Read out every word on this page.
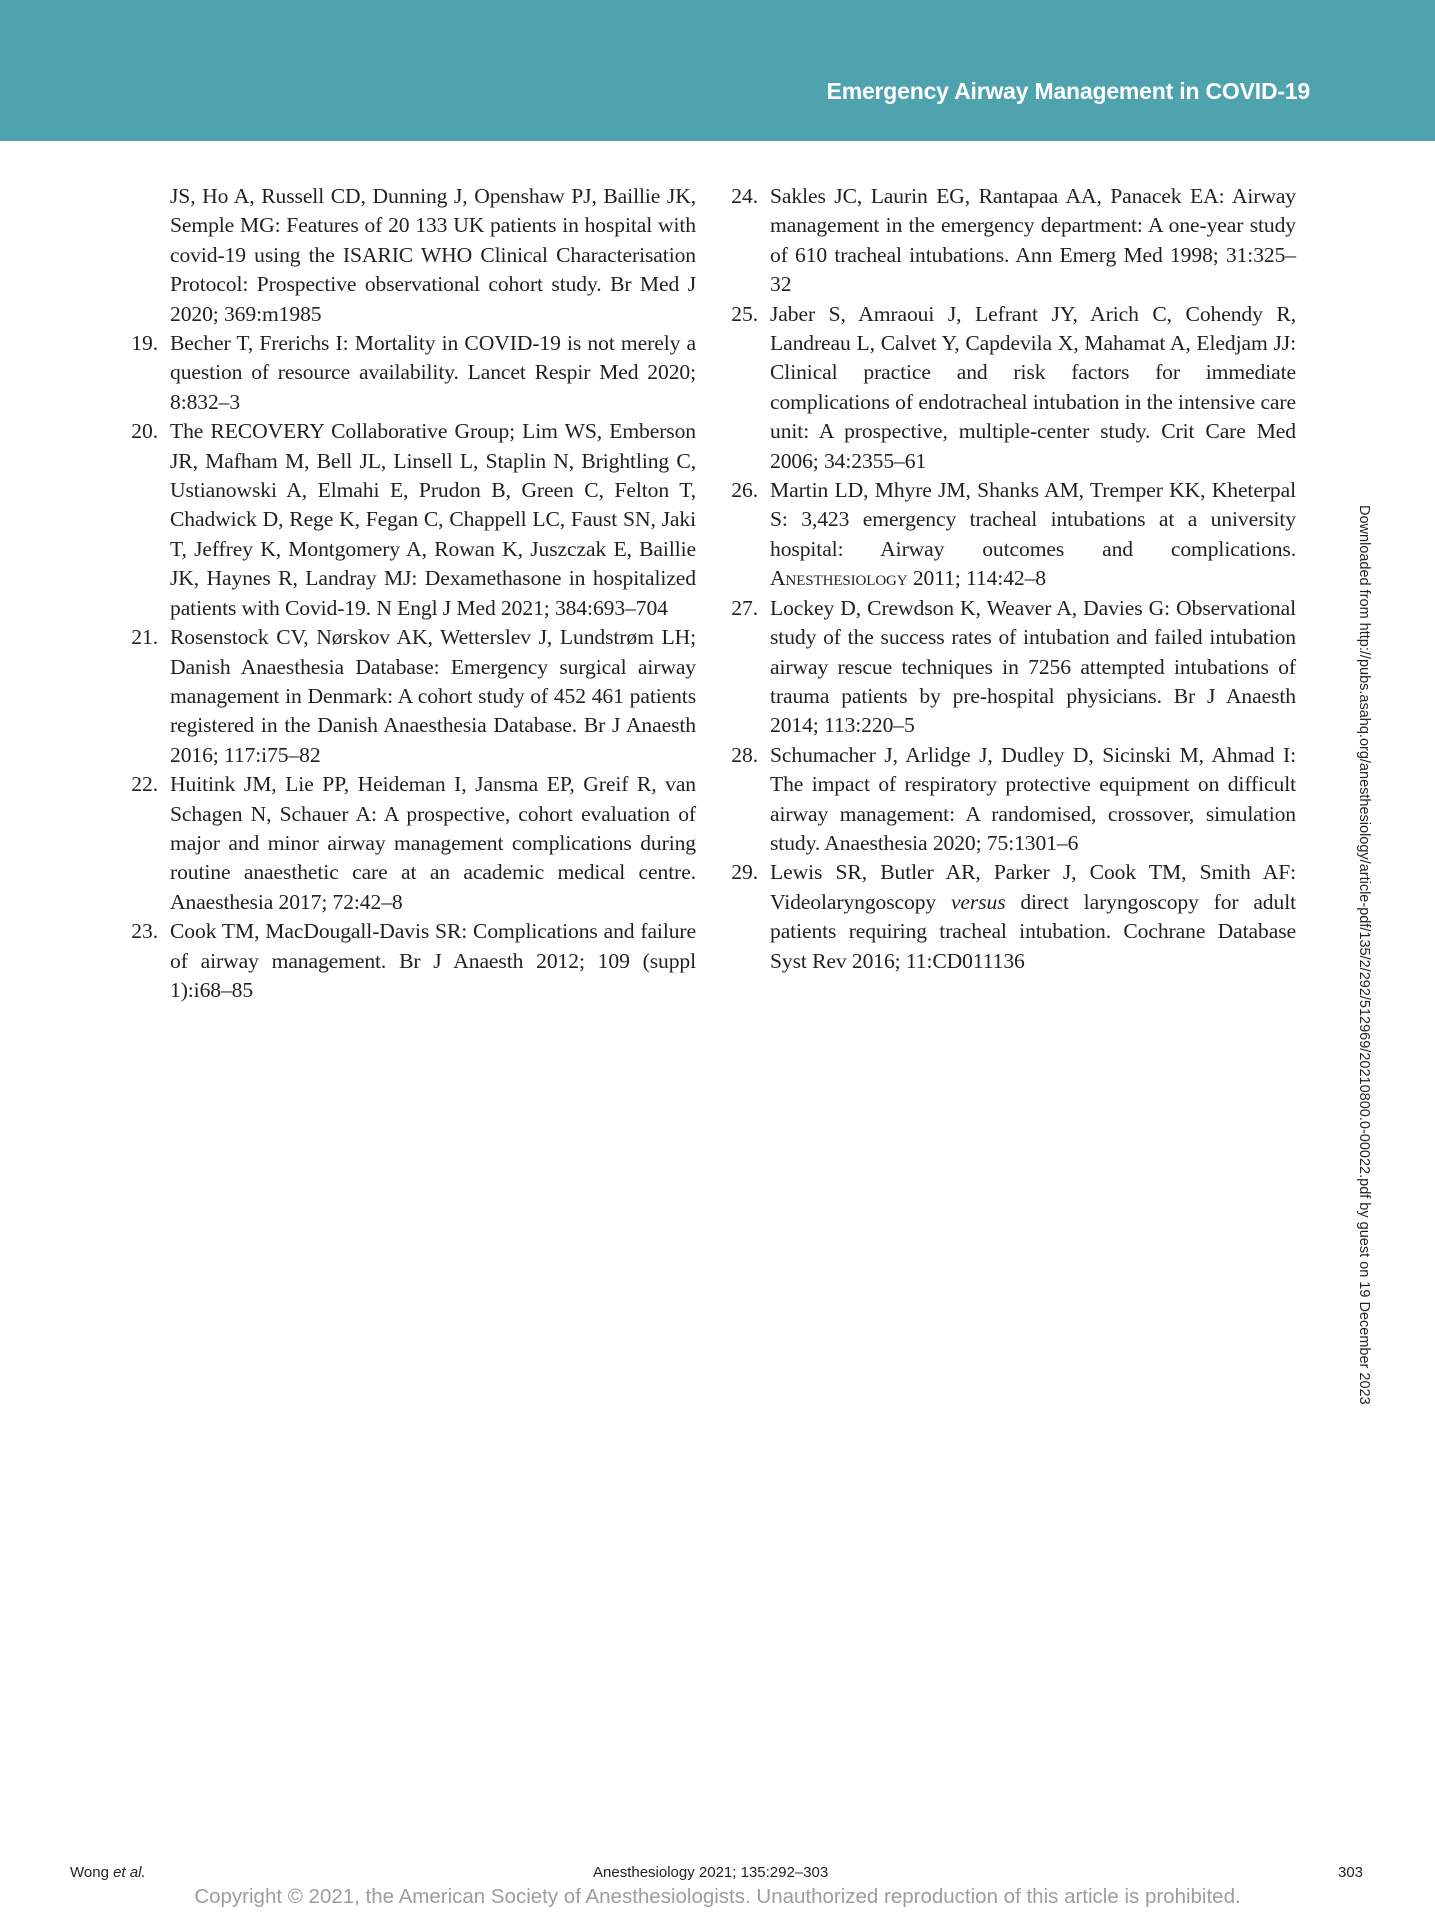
Emergency Airway Management in COVID-19

JS, Ho A, Russell CD, Dunning J, Openshaw PJ, Baillie JK, Semple MG: Features of 20 133 UK patients in hospital with covid-19 using the ISARIC WHO Clinical Characterisation Protocol: Prospective observational cohort study. Br Med J 2020; 369:m1985

19. Becher T, Frerichs I: Mortality in COVID-19 is not merely a question of resource availability. Lancet Respir Med 2020; 8:832–3

20. The RECOVERY Collaborative Group; Lim WS, Emberson JR, Mafham M, Bell JL, Linsell L, Staplin N, Brightling C, Ustianowski A, Elmahi E, Prudon B, Green C, Felton T, Chadwick D, Rege K, Fegan C, Chappell LC, Faust SN, Jaki T, Jeffrey K, Montgomery A, Rowan K, Juszczak E, Baillie JK, Haynes R, Landray MJ: Dexamethasone in hospitalized patients with Covid-19. N Engl J Med 2021; 384:693–704

21. Rosenstock CV, Nørskov AK, Wetterslev J, Lundstrøm LH; Danish Anaesthesia Database: Emergency surgical airway management in Denmark: A cohort study of 452 461 patients registered in the Danish Anaesthesia Database. Br J Anaesth 2016; 117:i75–82

22. Huitink JM, Lie PP, Heideman I, Jansma EP, Greif R, van Schagen N, Schauer A: A prospective, cohort evaluation of major and minor airway management complications during routine anaesthetic care at an academic medical centre. Anaesthesia 2017; 72:42–8

23. Cook TM, MacDougall-Davis SR: Complications and failure of airway management. Br J Anaesth 2012; 109 (suppl 1):i68–85

24. Sakles JC, Laurin EG, Rantapaa AA, Panacek EA: Airway management in the emergency department: A one-year study of 610 tracheal intubations. Ann Emerg Med 1998; 31:325–32

25. Jaber S, Amraoui J, Lefrant JY, Arich C, Cohendy R, Landreau L, Calvet Y, Capdevila X, Mahamat A, Eledjam JJ: Clinical practice and risk factors for immediate complications of endotracheal intubation in the intensive care unit: A prospective, multiple-center study. Crit Care Med 2006; 34:2355–61

26. Martin LD, Mhyre JM, Shanks AM, Tremper KK, Kheterpal S: 3,423 emergency tracheal intubations at a university hospital: Airway outcomes and complications. Anesthesiology 2011; 114:42–8

27. Lockey D, Crewdson K, Weaver A, Davies G: Observational study of the success rates of intubation and failed intubation airway rescue techniques in 7256 attempted intubations of trauma patients by pre-hospital physicians. Br J Anaesth 2014; 113:220–5

28. Schumacher J, Arlidge J, Dudley D, Sicinski M, Ahmad I: The impact of respiratory protective equipment on difficult airway management: A randomised, crossover, simulation study. Anaesthesia 2020; 75:1301–6

29. Lewis SR, Butler AR, Parker J, Cook TM, Smith AF: Videolaryngoscopy versus direct laryngoscopy for adult patients requiring tracheal intubation. Cochrane Database Syst Rev 2016; 11:CD011136	Downloaded from http://pubs.asahq.org/anesthesiology/article-pdf/135/2/292/512969/20210800.0-00022.pdf by guest on 19 December 2023
Wong et al.	Anesthesiology 2021; 135:292–303	303
Copyright © 2021, the American Society of Anesthesiologists. Unauthorized reproduction of this article is prohibited.
